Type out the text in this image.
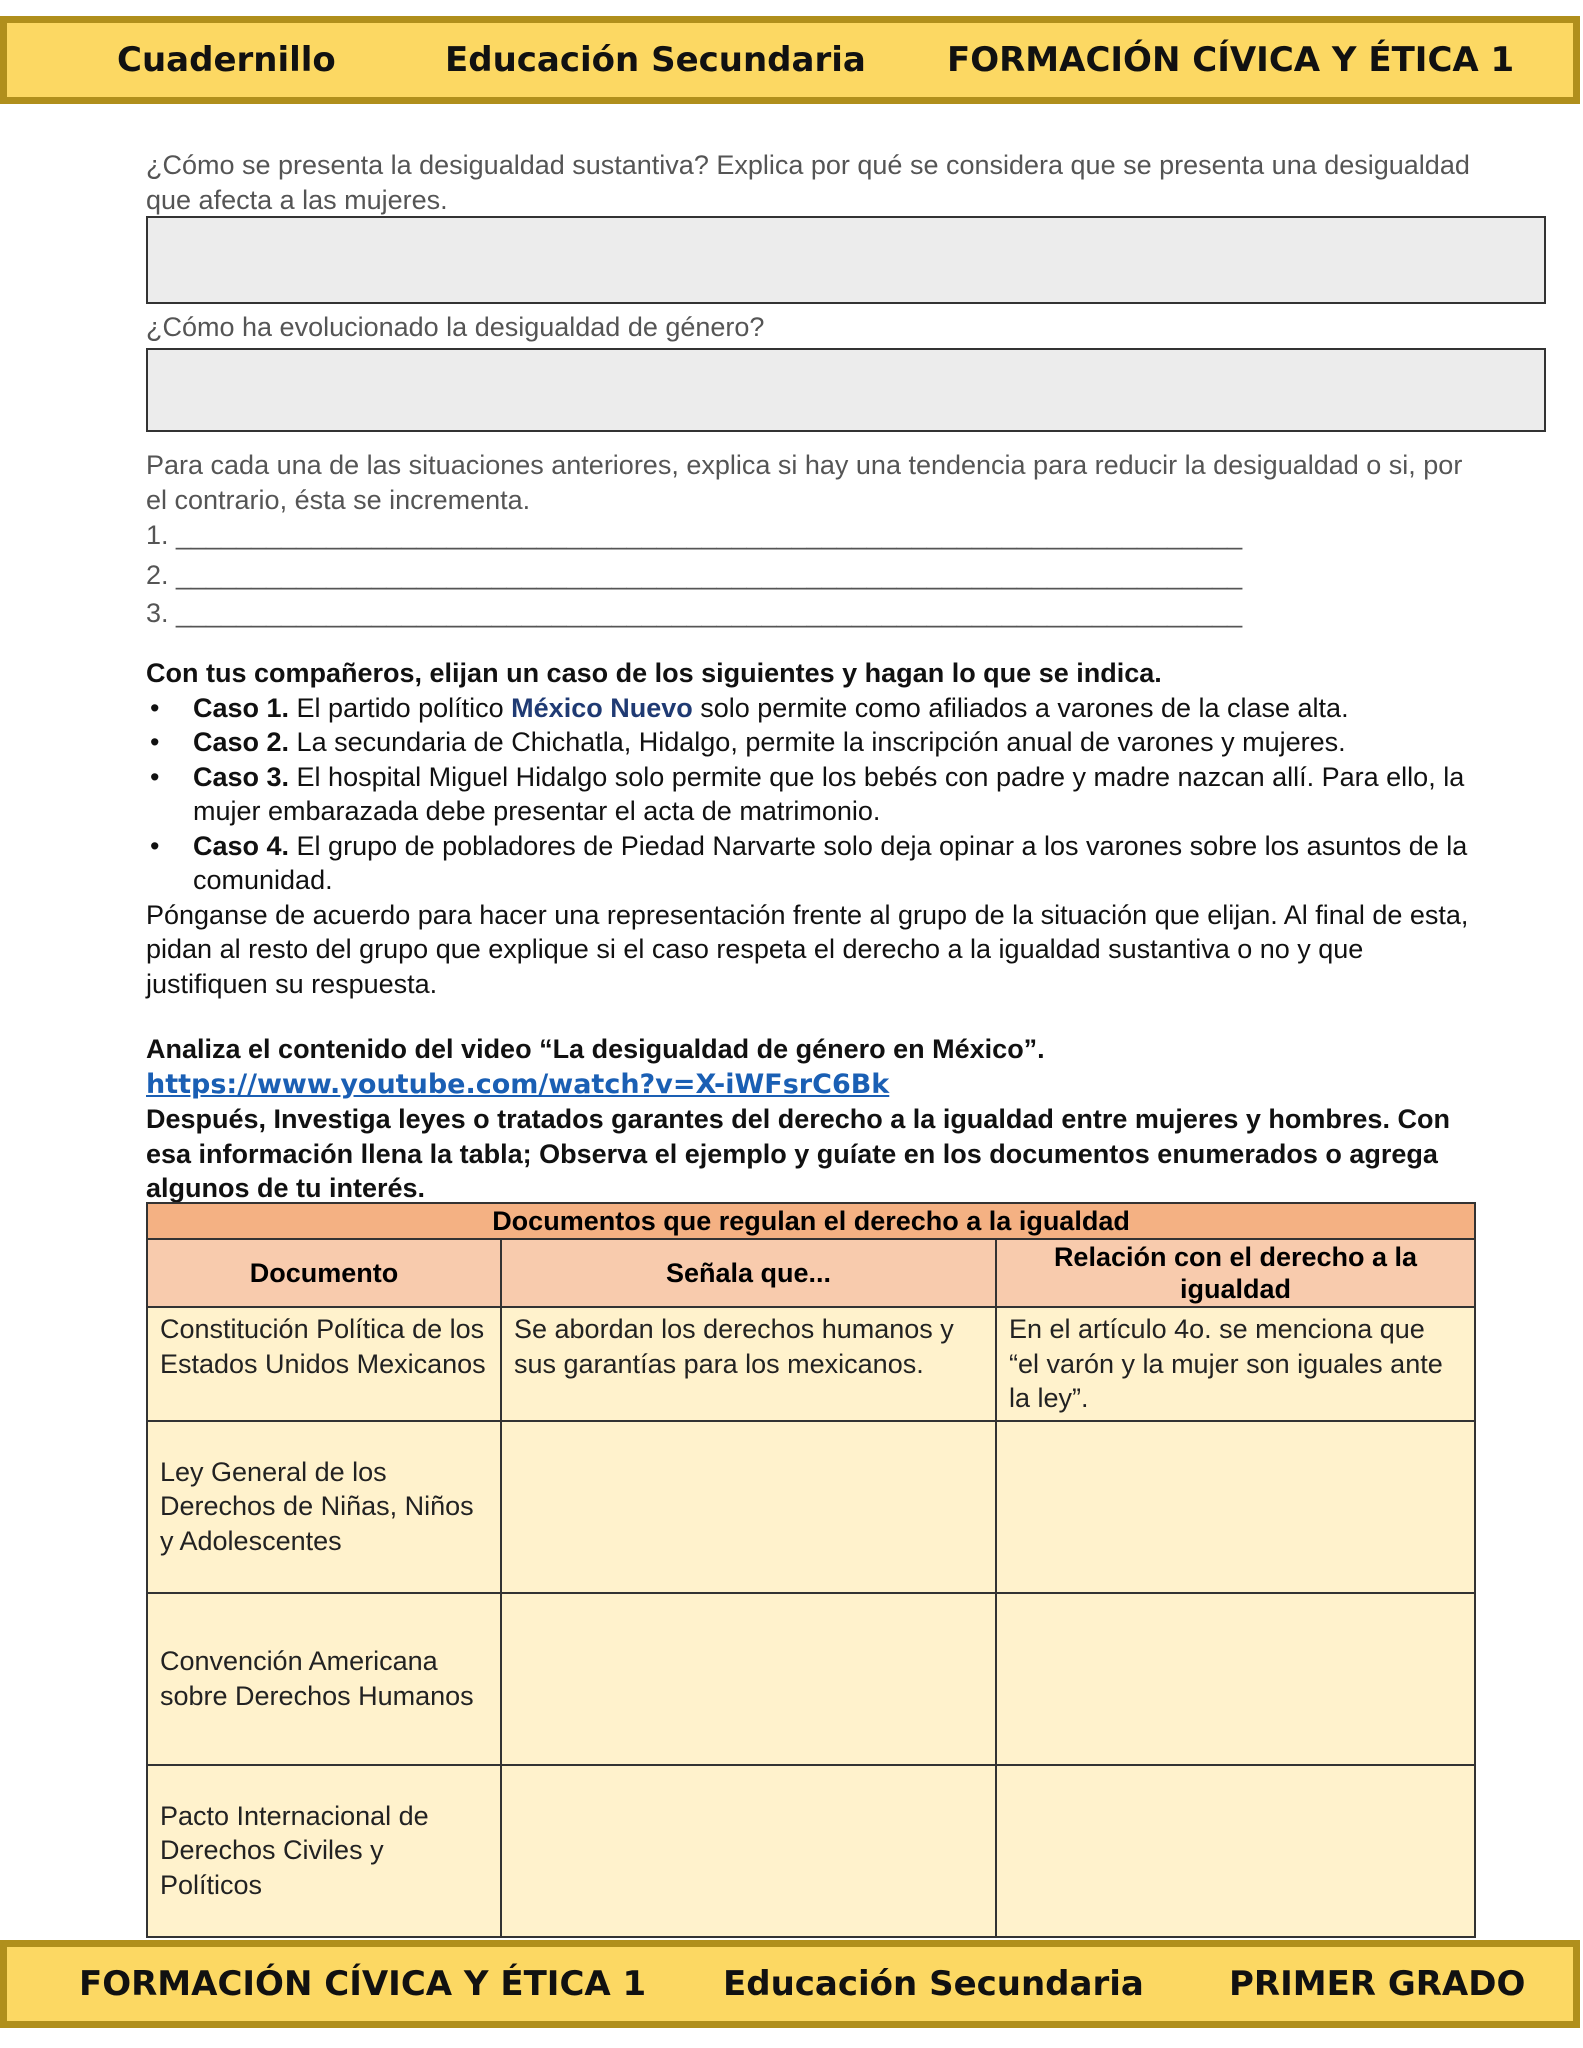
Cuadernillo	Educación Secundaria FORMACIÓN CÍVICA Y ÉTICA 1
¿Cómo se presenta la desigualdad sustantiva? Explica por qué se considera que se presenta una desigualdad que afecta a las mujeres.
¿Cómo ha evolucionado la desigualdad de género?
Para cada una de las situaciones anteriores, explica si hay una tendencia para reducir la desigualdad o si, por el contrario, ésta se incrementa.
1. _______________________________________________________________________
2. _______________________________________________________________________
3. _______________________________________________________________________
Con tus compañeros, elijan un caso de los siguientes y hagan lo que se indica.
• Caso 1. El partido político México Nuevo solo permite como afiliados a varones de la clase alta.
• Caso 2. La secundaria de Chichatla, Hidalgo, permite la inscripción anual de varones y mujeres.
• Caso 3. El hospital Miguel Hidalgo solo permite que los bebés con padre y madre nazcan allí. Para ello, la mujer embarazada debe presentar el acta de matrimonio.
• Caso 4. El grupo de pobladores de Piedad Narvarte solo deja opinar a los varones sobre los asuntos de la comunidad.
Pónganse de acuerdo para hacer una representación frente al grupo de la situación que elijan. Al final de esta, pidan al resto del grupo que explique si el caso respeta el derecho a la igualdad sustantiva o no y que justifiquen su respuesta.
Analiza el contenido del video “La desigualdad de género en México”.
https://www.youtube.com/watch?v=X-iWFsrC6Bk
Después, Investiga leyes o tratados garantes del derecho a la igualdad entre mujeres y hombres. Con esa información llena la tabla; Observa el ejemplo y guíate en los documentos enumerados o agrega algunos de tu interés.
Documentos que regulan el derecho a la igualdad		
Documento	Señala que...	Relación con el derecho a la igualdad
Constitución Política de los Estados Unidos Mexicanos	Se abordan los derechos humanos y sus garantías para los mexicanos.	En el artículo 4o. se menciona que “el varón y la mujer son iguales ante la ley”.
Ley General de los Derechos de Niñas, Niños y Adolescentes		
Convención Americana sobre Derechos Humanos		
Pacto Internacional de Derechos Civiles y Políticos		
FORMACIÓN CÍVICA Y ÉTICA 1 Educación Secundaria	PRIMER GRADO
